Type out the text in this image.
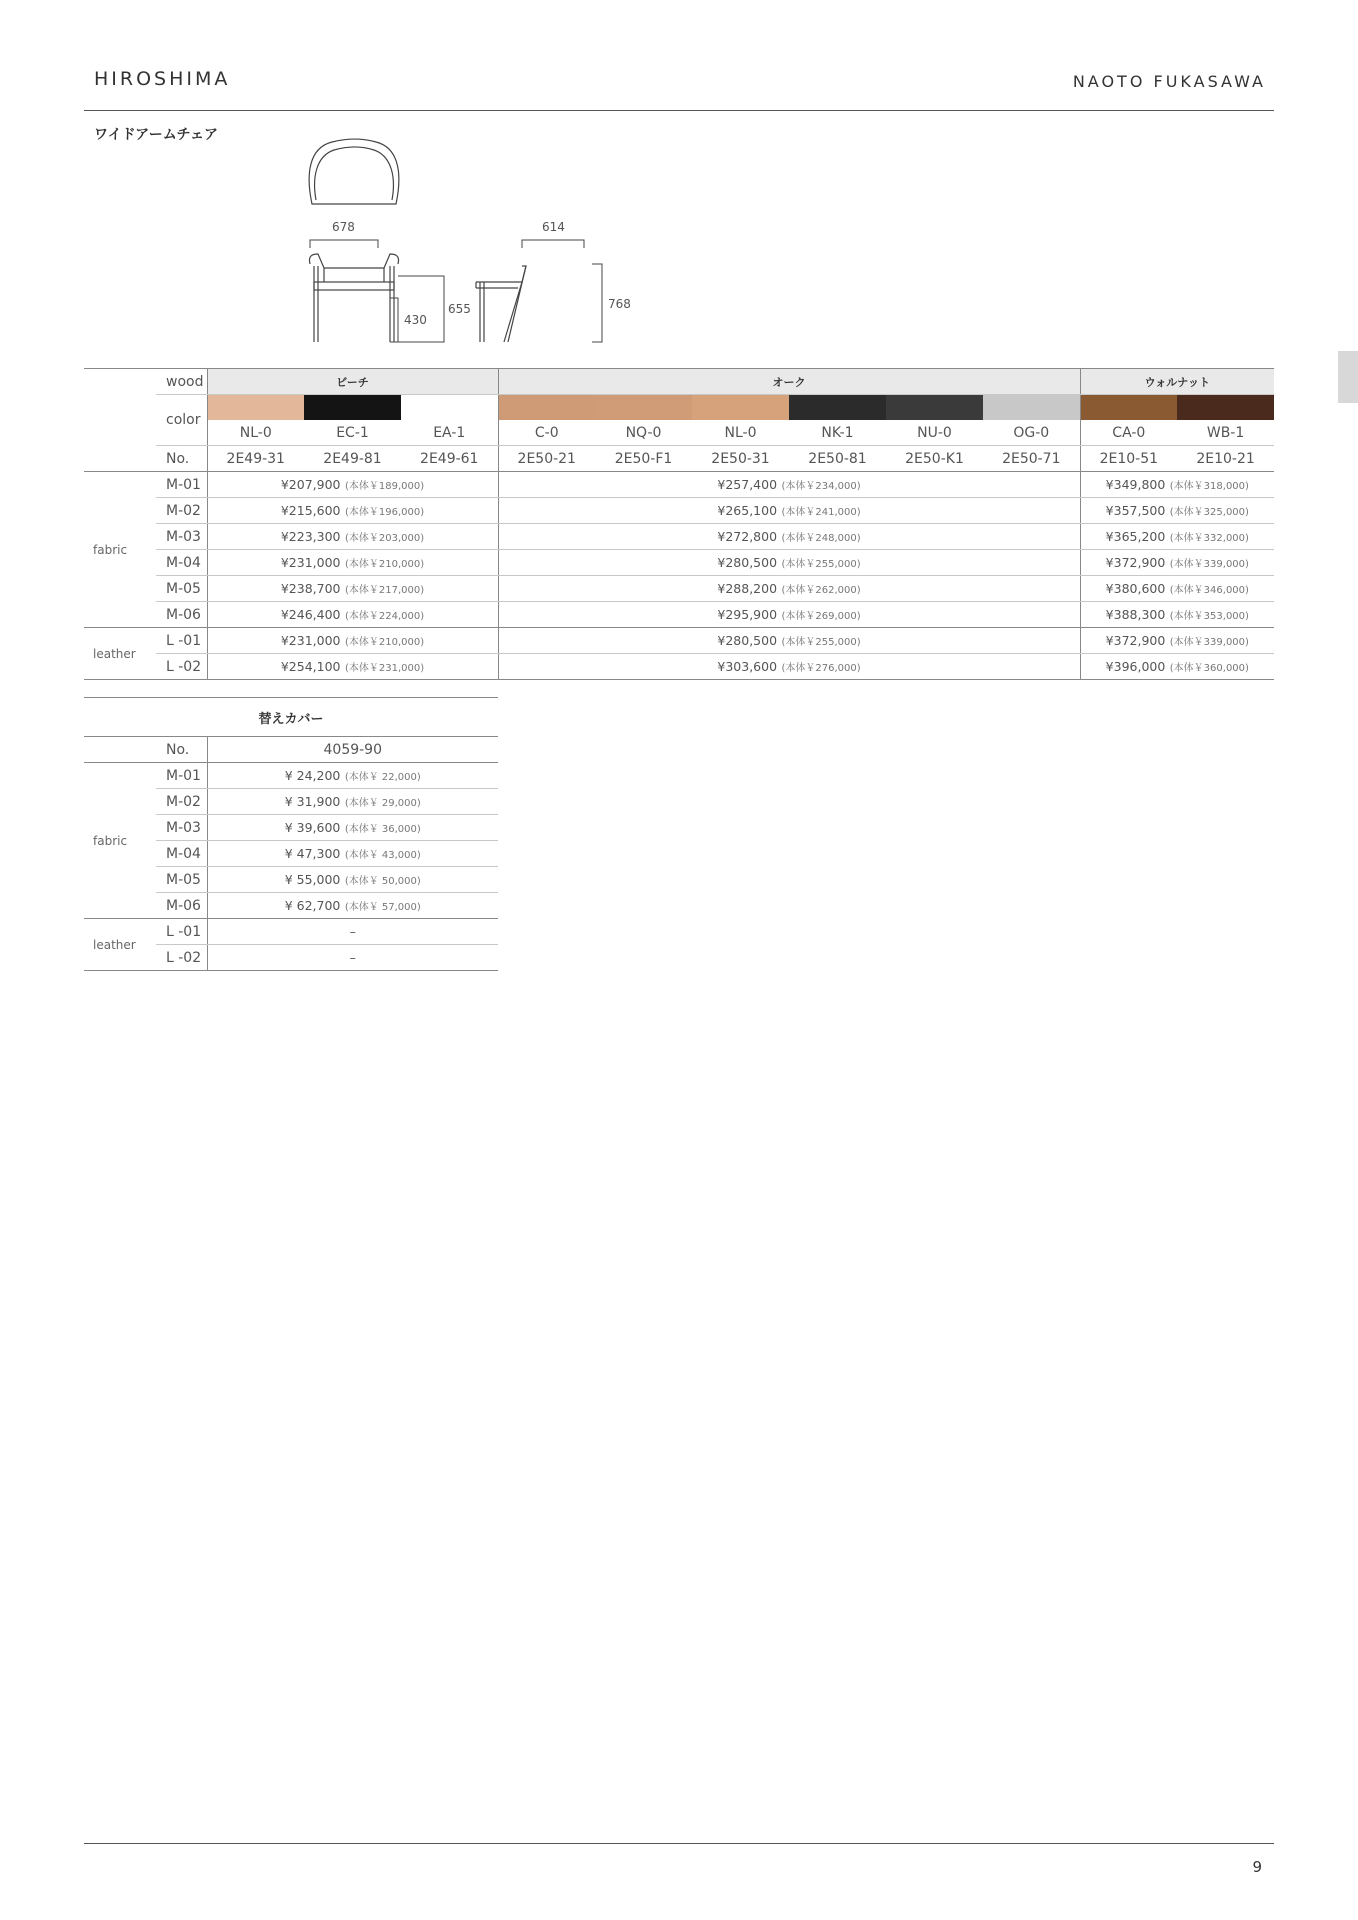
HIROSHIMA	NAOTO FUKASAWA
ワイドアームチェア
678
430
655
614
768
	wood	ビーチ			オーク						ウォルナット	
	color											
		NL-0	EC-1	EA-1	C-0	NQ-0	NL-0	NK-1	NU-0	OG-0	CA-0	WB-1
	No.	2E49-31	2E49-81	2E49-61	2E50-21	2E50-F1	2E50-31	2E50-81	2E50-K1	2E50-71	2E10-51	2E10-21
fabric	M-01	¥207,900 (本体￥189,000)			¥257,400 (本体￥234,000)						¥349,800 (本体￥318,000)	
	M-02	¥215,600 (本体￥196,000)			¥265,100 (本体￥241,000)						¥357,500 (本体￥325,000)	
	M-03	¥223,300 (本体￥203,000)			¥272,800 (本体￥248,000)						¥365,200 (本体￥332,000)	
	M-04	¥231,000 (本体￥210,000)			¥280,500 (本体￥255,000)						¥372,900 (本体￥339,000)	
	M-05	¥238,700 (本体￥217,000)			¥288,200 (本体￥262,000)						¥380,600 (本体￥346,000)	
	M-06	¥246,400 (本体￥224,000)			¥295,900 (本体￥269,000)						¥388,300 (本体￥353,000)	
leather	L -01	¥231,000 (本体￥210,000)			¥280,500 (本体￥255,000)						¥372,900 (本体￥339,000)	
	L -02	¥254,100 (本体￥231,000)			¥303,600 (本体￥276,000)						¥396,000 (本体￥360,000)	
替えカバー		
	No.	4059-90
fabric	M-01	¥ 24,200 (本体￥ 22,000)
	M-02	¥ 31,900 (本体￥ 29,000)
	M-03	¥ 39,600 (本体￥ 36,000)
	M-04	¥ 47,300 (本体￥ 43,000)
	M-05	¥ 55,000 (本体￥ 50,000)
	M-06	¥ 62,700 (本体￥ 57,000)
leather	L -01	–
	L -02	–
9
